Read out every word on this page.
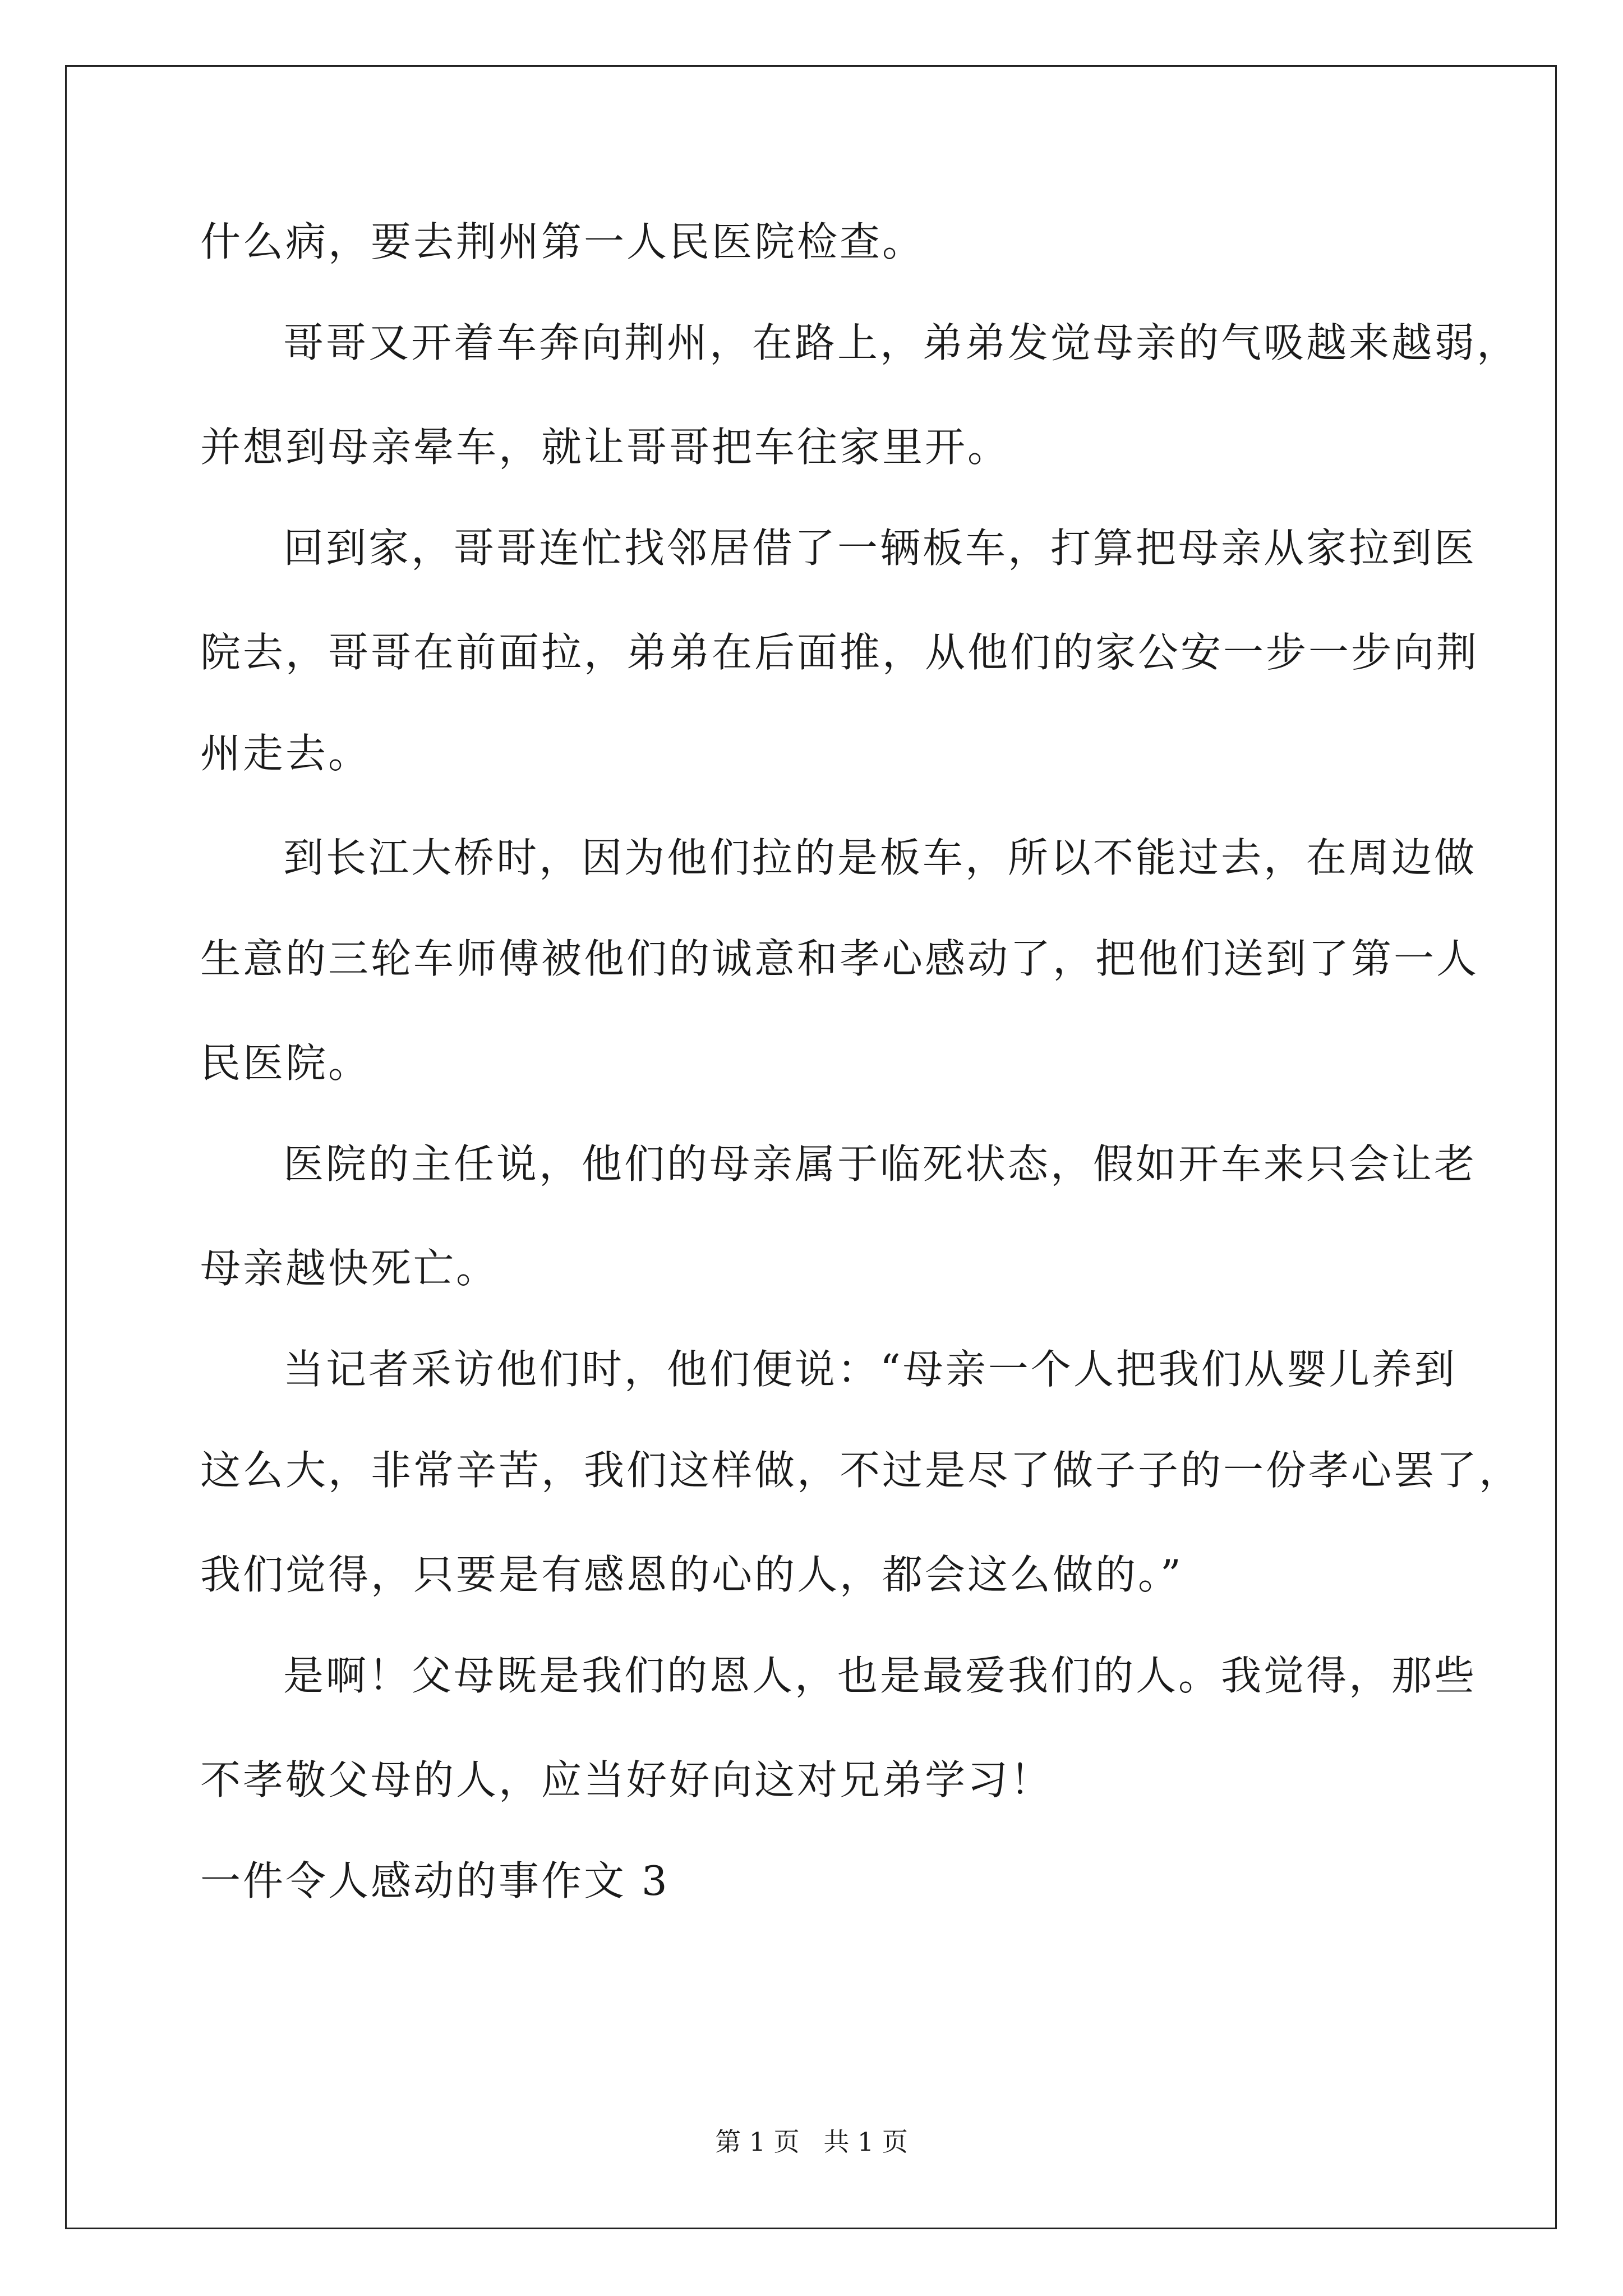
什么病，要去荆州第一人民医院检查。
哥哥又开着车奔向荆州，在路上，弟弟发觉母亲的气吸越来越弱，
并想到母亲晕车，就让哥哥把车往家里开。
回到家，哥哥连忙找邻居借了一辆板车，打算把母亲从家拉到医
院去，哥哥在前面拉，弟弟在后面推，从他们的家公安一步一步向荆
州走去。
到长江大桥时，因为他们拉的是板车，所以不能过去，在周边做
生意的三轮车师傅被他们的诚意和孝心感动了，把他们送到了第一人
民医院。
医院的主任说，他们的母亲属于临死状态，假如开车来只会让老
母亲越快死亡。
当记者采访他们时，他们便说：“母亲一个人把我们从婴儿养到
这么大，非常辛苦，我们这样做，不过是尽了做子子的一份孝心罢了，
我们觉得，只要是有感恩的心的人，都会这么做的。”
是啊！父母既是我们的恩人，也是最爱我们的人。我觉得，那些
不孝敬父母的人，应当好好向这对兄弟学习！
一件令人感动的事作文 3
第 1 页 共 1 页
